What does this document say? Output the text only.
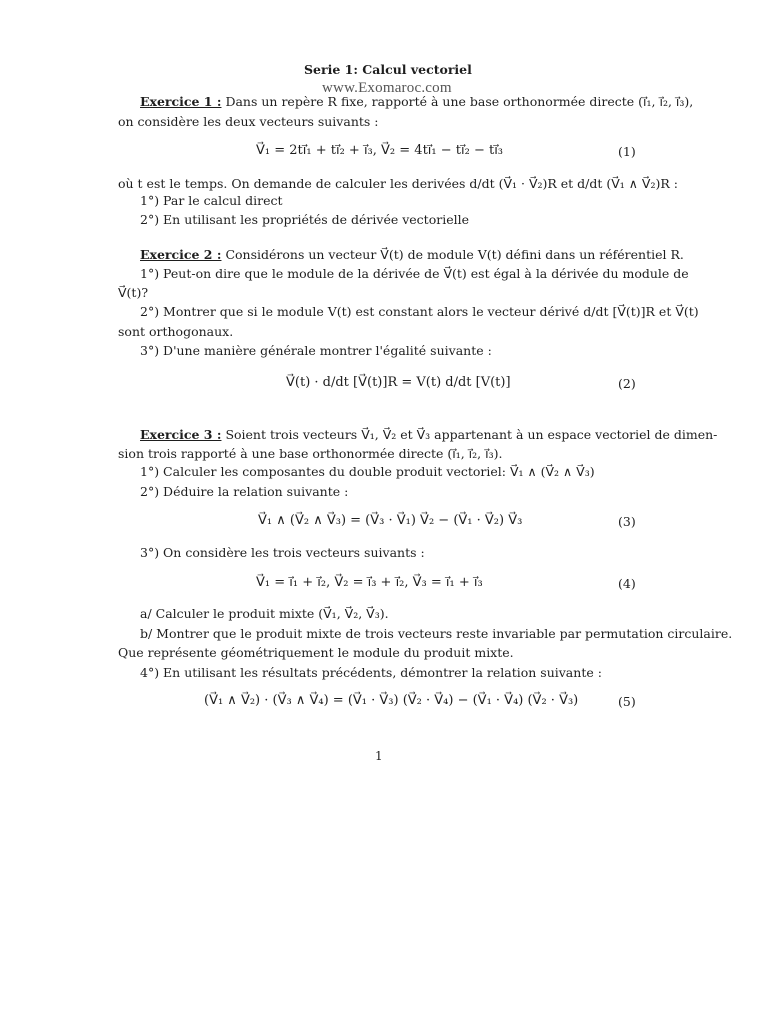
Serie 1: Calcul vectoriel
www.Exomaroc.com
Exercice 1 : Dans un repère R fixe, rapporté à une base orthonormée directe (i⃗₁, i⃗₂, i⃗₃),
on considère les deux vecteurs suivants :
V⃗₁ = 2ti⃗₁ + ti⃗₂ + i⃗₃, V⃗₂ = 4ti⃗₁ − ti⃗₂ − ti⃗₃	(1)
où t est le temps. On demande de calculer les derivées d/dt (V⃗₁ · V⃗₂)R et d/dt (V⃗₁ ∧ V⃗₂)R :
1°) Par le calcul direct
2°) En utilisant les propriétés de dérivée vectorielle
Exercice 2 : Considérons un vecteur V⃗(t) de module V(t) défini dans un référentiel R.
1°) Peut-on dire que le module de la dérivée de V⃗(t) est égal à la dérivée du module de
V⃗(t)?
2°) Montrer que si le module V(t) est constant alors le vecteur dérivé d/dt [V⃗(t)]R et V⃗(t)
sont orthogonaux.
3°) D'une manière générale montrer l'égalité suivante :
V⃗(t) · d/dt [V⃗(t)]R = V(t) d/dt [V(t)]	(2)
Exercice 3 : Soient trois vecteurs V⃗₁, V⃗₂ et V⃗₃ appartenant à un espace vectoriel de dimen-
sion trois rapporté à une base orthonormée directe (i⃗₁, i⃗₂, i⃗₃).
1°) Calculer les composantes du double produit vectoriel: V⃗₁ ∧ (V⃗₂ ∧ V⃗₃)
2°) Déduire la relation suivante :
V⃗₁ ∧ (V⃗₂ ∧ V⃗₃) = (V⃗₃ · V⃗₁) V⃗₂ − (V⃗₁ · V⃗₂) V⃗₃	(3)
3°) On considère les trois vecteurs suivants :
V⃗₁ = i⃗₁ + i⃗₂, V⃗₂ = i⃗₃ + i⃗₂, V⃗₃ = i⃗₁ + i⃗₃	(4)
a/ Calculer le produit mixte (V⃗₁, V⃗₂, V⃗₃).
b/ Montrer que le produit mixte de trois vecteurs reste invariable par permutation circulaire.
Que représente géométriquement le module du produit mixte.
4°) En utilisant les résultats précédents, démontrer la relation suivante :
(V⃗₁ ∧ V⃗₂) · (V⃗₃ ∧ V⃗₄) = (V⃗₁ · V⃗₃) (V⃗₂ · V⃗₄) − (V⃗₁ · V⃗₄) (V⃗₂ · V⃗₃)	(5)
1
